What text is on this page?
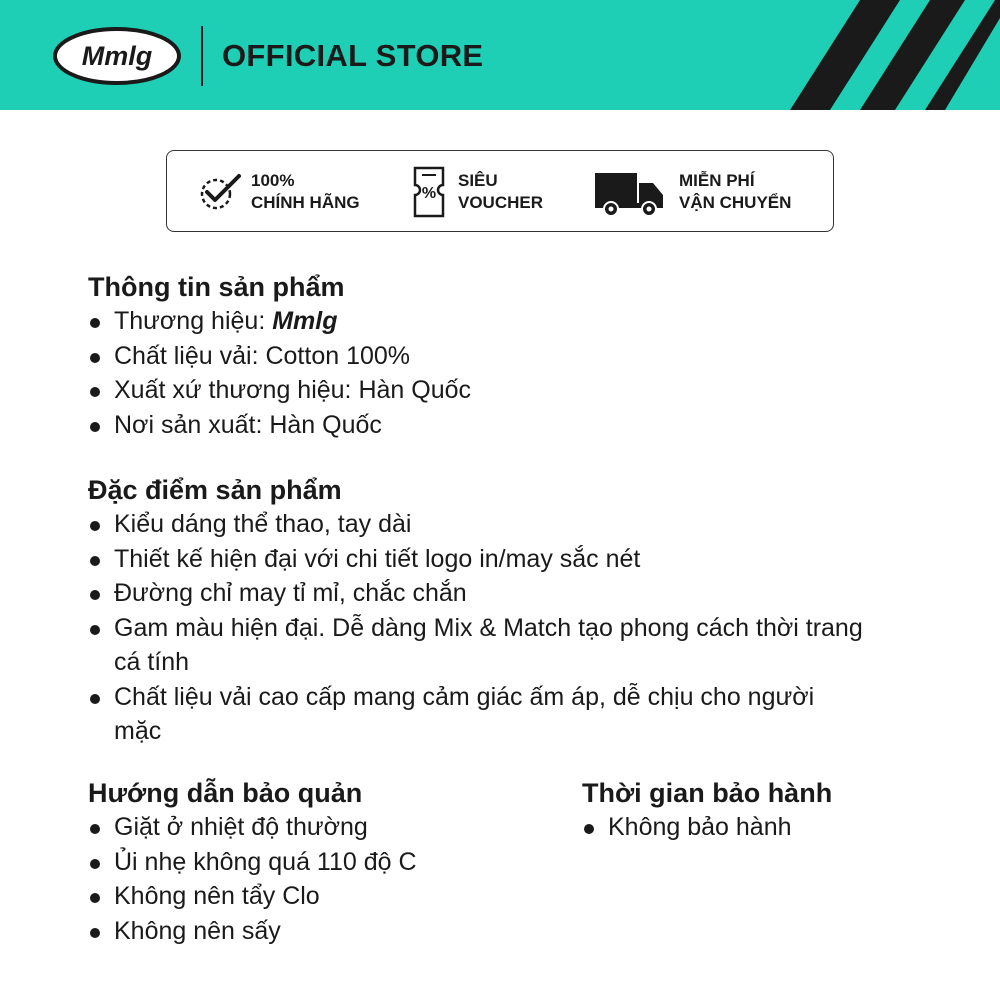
Mmlg OFFICIAL STORE
100%
CHÍNH HÃNG	%
SIÊU
VOUCHER
MIỄN PHÍ
VẬN CHUYỂN
Thông tin sản phẩm
Thương hiệu: Mmlg
Chất liệu vải: Cotton 100%
Xuất xứ thương hiệu: Hàn Quốc
Nơi sản xuất: Hàn Quốc
Đặc điểm sản phẩm
Kiểu dáng thể thao, tay dài
Thiết kế hiện đại với chi tiết logo in/may sắc nét
Đường chỉ may tỉ mỉ, chắc chắn
Gam màu hiện đại. Dễ dàng Mix & Match tạo phong cách thời trang cá tính
Chất liệu vải cao cấp mang cảm giác ấm áp, dễ chịu cho người mặc
Hướng dẫn bảo quản
Giặt ở nhiệt độ thường
Ủi nhẹ không quá 110 độ C
Không nên tẩy Clo
Không nên sấy
Thời gian bảo hành
Không bảo hành
